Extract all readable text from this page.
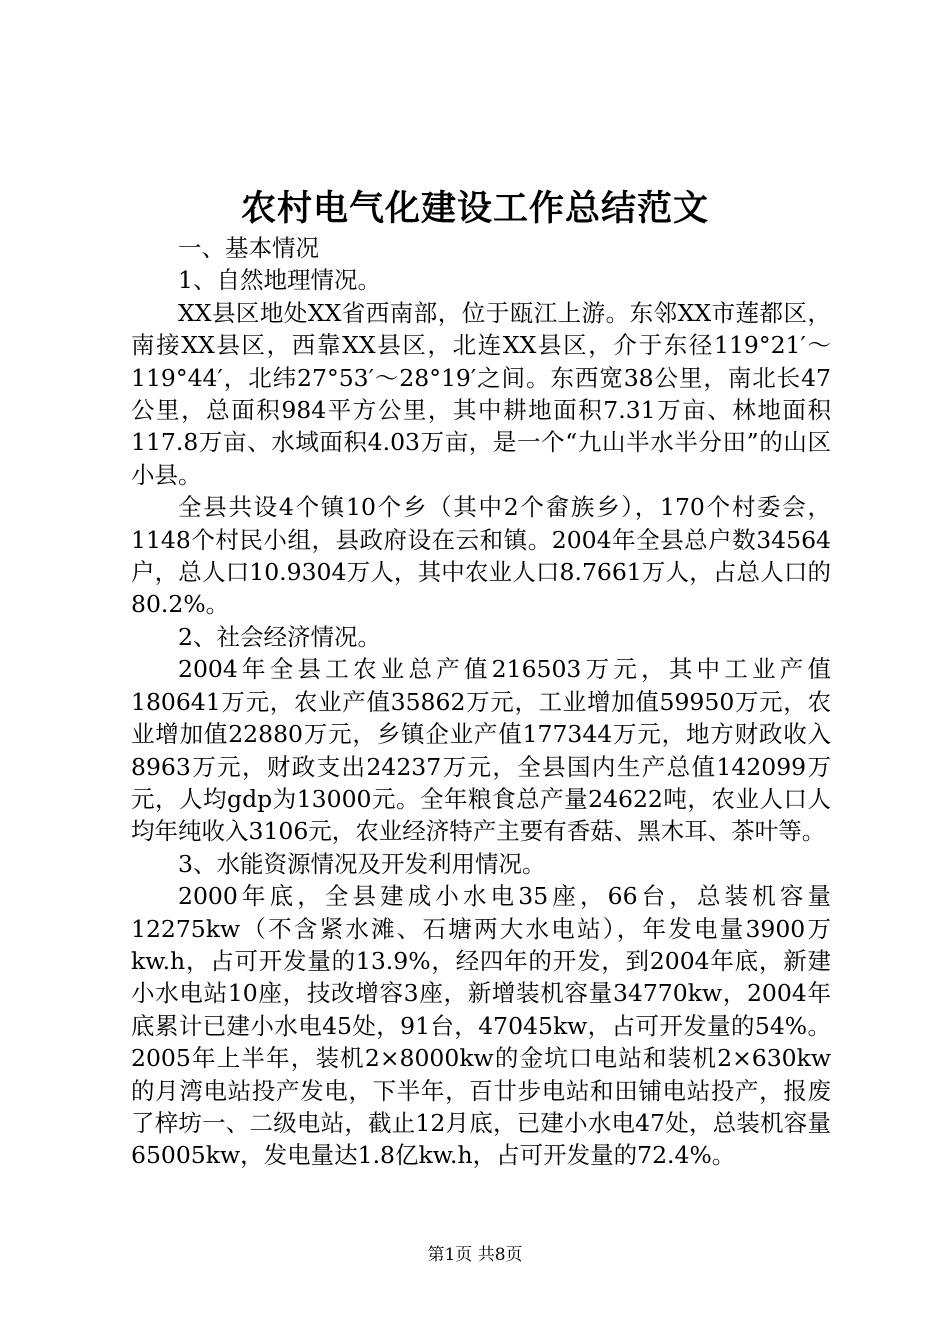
农村电气化建设工作总结范文

一、基本情况

1、自然地理情况。

XX县区地处XX省西南部，位于瓯江上游。东邻XX市莲都区，南接XX县区，西靠XX县区，北连XX县区，介于东径119°21′～119°44′，北纬27°53′～28°19′之间。东西宽38公里，南北长47公里，总面积984平方公里，其中耕地面积7.31万亩、林地面积117.8万亩、水域面积4.03万亩，是一个“九山半水半分田”的山区小县。

全县共设4个镇10个乡（其中2个畲族乡），170个村委会，1148个村民小组，县政府设在云和镇。2004年全县总户数34564户，总人口10.9304万人，其中农业人口8.7661万人，占总人口的80.2%。

2、社会经济情况。

2004年全县工农业总产值216503万元，其中工业产值180641万元，农业产值35862万元，工业增加值59950万元，农业增加值22880万元，乡镇企业产值177344万元，地方财政收入8963万元，财政支出24237万元，全县国内生产总值142099万元，人均gdp为13000元。全年粮食总产量24622吨，农业人口人均年纯收入3106元，农业经济特产主要有香菇、黑木耳、茶叶等。

3、水能资源情况及开发利用情况。

2000年底，全县建成小水电35座，66台，总装机容量12275kw（不含紧水滩、石塘两大水电站），年发电量3900万kw.h，占可开发量的13.9%，经四年的开发，到2004年底，新建小水电站10座，技改增容3座，新增装机容量34770kw，2004年底累计已建小水电45处，91台，47045kw，占可开发量的54%。2005年上半年，装机2×8000kw的金坑口电站和装机2×630kw的月湾电站投产发电，下半年，百廿步电站和田铺电站投产，报废了梓坊一、二级电站，截止12月底，已建小水电47处，总装机容量65005kw，发电量达1.8亿kw.h，占可开发量的72.4%。

第1页 共8页
